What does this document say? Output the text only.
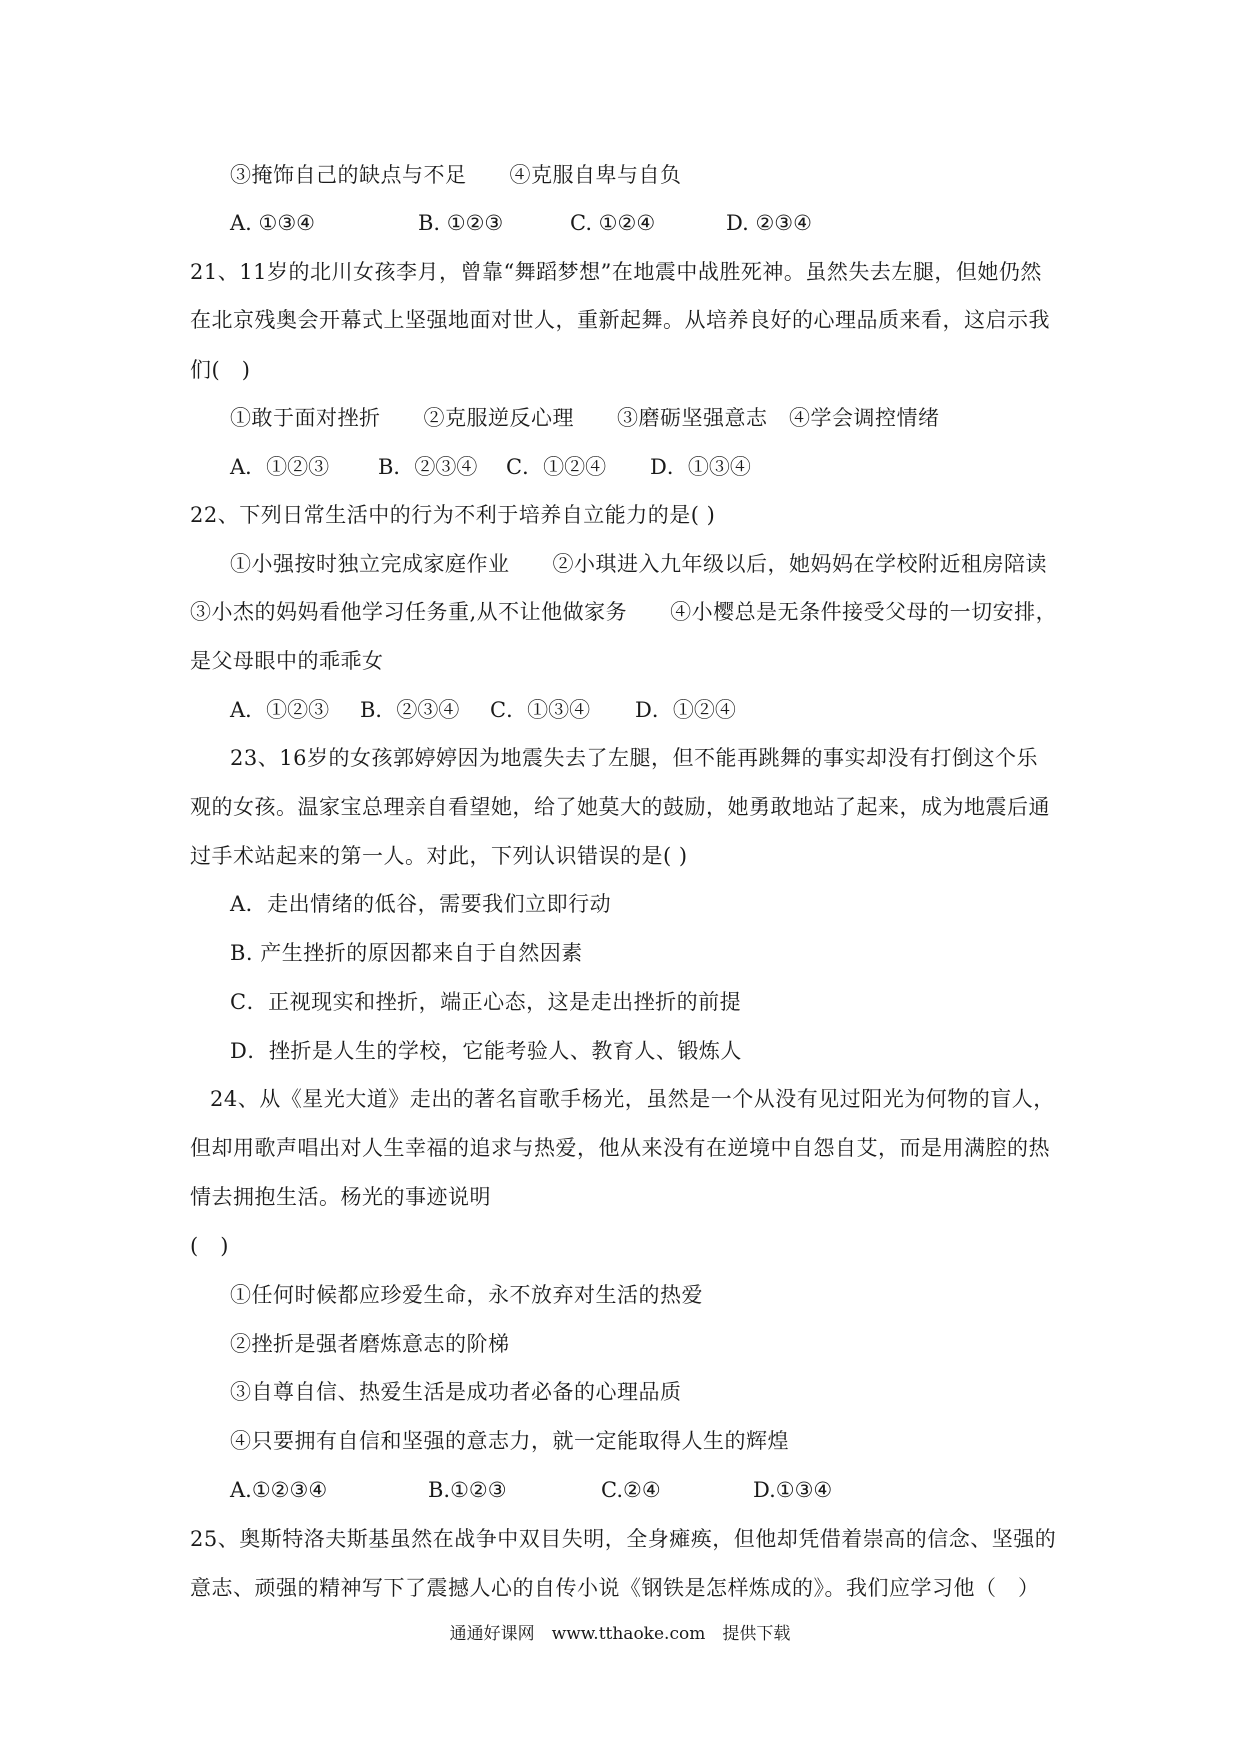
③掩饰自己的缺点与不足　　④克服自卑与自负
A. ①③④	B. ①②③	C. ①②④	D. ②③④
21、11岁的北川女孩李月，曾靠“舞蹈梦想”在地震中战胜死神。虽然失去左腿，但她仍然
在北京残奥会开幕式上坚强地面对世人，重新起舞。从培养良好的心理品质来看，这启示我
们(　)
①敢于面对挫折　　②克服逆反心理　　③磨砺坚强意志　④学会调控情绪
A．①②③	B．②③④	C．①②④	D．①③④
22、下列日常生活中的行为不利于培养自立能力的是( )
①小强按时独立完成家庭作业　　②小琪进入九年级以后，她妈妈在学校附近租房陪读
③小杰的妈妈看他学习任务重,从不让他做家务　　④小樱总是无条件接受父母的一切安排，
是父母眼中的乖乖女
A．①②③	B．②③④	C．①③④	D．①②④
23、16岁的女孩郭婷婷因为地震失去了左腿，但不能再跳舞的事实却没有打倒这个乐
观的女孩。温家宝总理亲自看望她，给了她莫大的鼓励，她勇敢地站了起来，成为地震后通
过手术站起来的第一人。对此，下列认识错误的是( )
A．走出情绪的低谷，需要我们立即行动
B. 产生挫折的原因都来自于自然因素
C．正视现实和挫折，端正心态，这是走出挫折的前提
D．挫折是人生的学校，它能考验人、教育人、锻炼人
24、从《星光大道》走出的著名盲歌手杨光，虽然是一个从没有见过阳光为何物的盲人，
但却用歌声唱出对人生幸福的追求与热爱，他从来没有在逆境中自怨自艾，而是用满腔的热
情去拥抱生活。杨光的事迹说明
(　)
①任何时候都应珍爱生命，永不放弃对生活的热爱
②挫折是强者磨炼意志的阶梯
③自尊自信、热爱生活是成功者必备的心理品质
④只要拥有自信和坚强的意志力，就一定能取得人生的辉煌
A.①②③④	B.①②③	C.②④	D.①③④
25、奥斯特洛夫斯基虽然在战争中双目失明，全身瘫痪，但他却凭借着崇高的信念、坚强的
意志、顽强的精神写下了震撼人心的自传小说《钢铁是怎样炼成的》。我们应学习他（　）
通通好课网　www.tthaoke.com　提供下载
